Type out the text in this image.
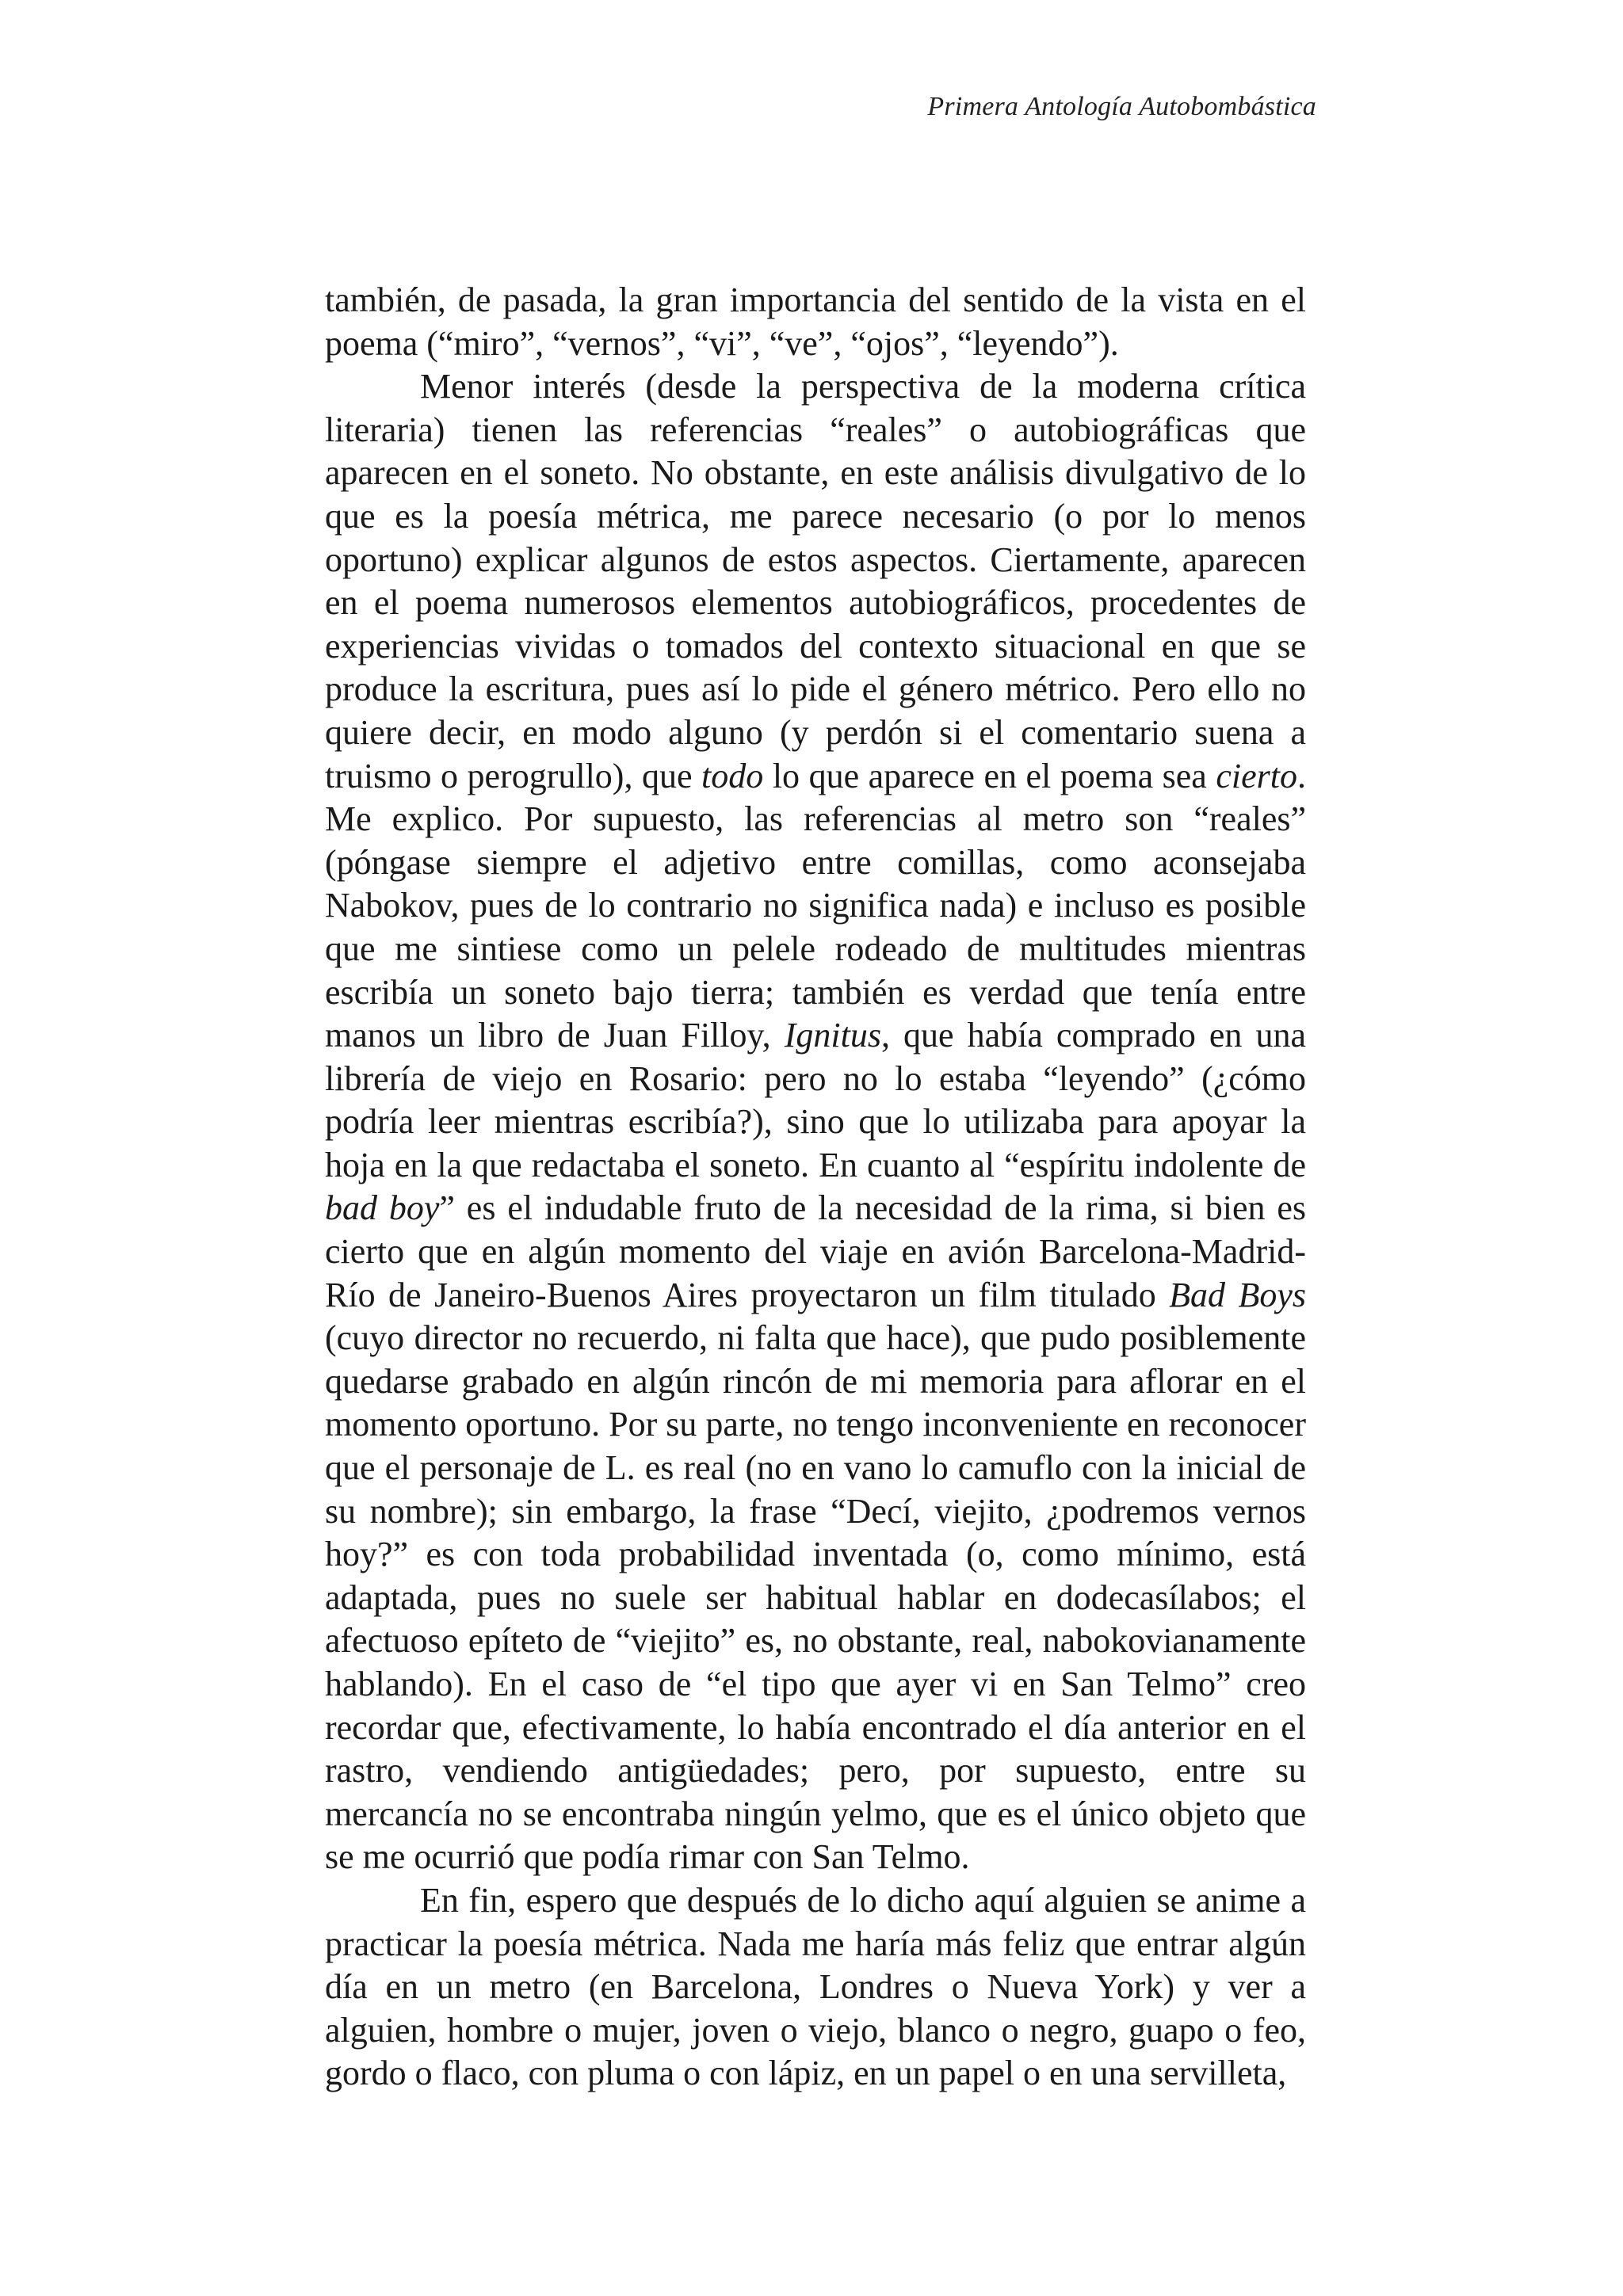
Primera Antología Autobombástica

también, de pasada, la gran importancia del sentido de la vista en el poema (“miro”, “vernos”, “vi”, “ve”, “ojos”, “leyendo”).

Menor interés (desde la perspectiva de la moderna crítica literaria) tienen las referencias “reales” o autobiográficas que aparecen en el soneto. No obstante, en este análisis divulgativo de lo que es la poesía métrica, me parece necesario (o por lo menos oportuno) explicar algunos de estos aspectos. Ciertamente, aparecen en el poema numerosos elementos autobiográficos, procedentes de experiencias vividas o tomados del contexto situacional en que se produce la escritura, pues así lo pide el género métrico. Pero ello no quiere decir, en modo alguno (y perdón si el comentario suena a truismo o perogrullo), que todo lo que aparece en el poema sea cierto. Me explico. Por supuesto, las referencias al metro son “reales” (póngase siempre el adjetivo entre comillas, como aconsejaba Nabokov, pues de lo contrario no significa nada) e incluso es posible que me sintiese como un pelele rodeado de multitudes mientras escribía un soneto bajo tierra; también es verdad que tenía entre manos un libro de Juan Filloy, Ignitus, que había comprado en una librería de viejo en Rosario: pero no lo estaba “leyendo” (¿cómo podría leer mientras escribía?), sino que lo utilizaba para apoyar la hoja en la que redactaba el soneto. En cuanto al “espíritu indolente de bad boy” es el indudable fruto de la necesidad de la rima, si bien es cierto que en algún momento del viaje en avión Barcelona-Madrid-Río de Janeiro-Buenos Aires proyectaron un film titulado Bad Boys (cuyo director no recuerdo, ni falta que hace), que pudo posiblemente quedarse grabado en algún rincón de mi memoria para aflorar en el momento oportuno. Por su parte, no tengo inconveniente en reconocer que el personaje de L. es real (no en vano lo camuflo con la inicial de su nombre); sin embargo, la frase “Decí, viejito, ¿podremos vernos hoy?” es con toda probabilidad inventada (o, como mínimo, está adaptada, pues no suele ser habitual hablar en dodecasílabos; el afectuoso epíteto de “viejito” es, no obstante, real, nabokovianamente hablando). En el caso de “el tipo que ayer vi en San Telmo” creo recordar que, efectivamente, lo había encontrado el día anterior en el rastro, vendiendo antigüedades; pero, por supuesto, entre su mercancía no se encontraba ningún yelmo, que es el único objeto que se me ocurrió que podía rimar con San Telmo.

En fin, espero que después de lo dicho aquí alguien se anime a practicar la poesía métrica. Nada me haría más feliz que entrar algún día en un metro (en Barcelona, Londres o Nueva York) y ver a alguien, hombre o mujer, joven o viejo, blanco o negro, guapo o feo, gordo o flaco, con pluma o con lápiz, en un papel o en una servilleta,
